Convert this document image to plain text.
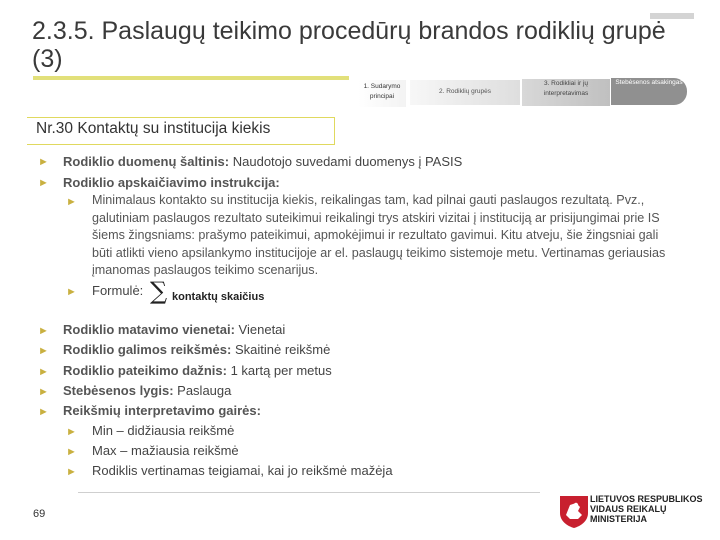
2.3.5. Paslaugų teikimo procedūrų brandos rodiklių grupė (3)
1. Sudarymo principai
2. Rodiklių grupės
3. Rodikliai ir jų interpretavimas
Stebėsenos atsakingas
Nr.30 Kontaktų su institucija kiekis
► Rodiklio duomenų šaltinis: Naudotojo suvedami duomenys į PASIS
► Rodiklio apskaičiavimo instrukcija:
► Minimalaus kontakto su institucija kiekis, reikalingas tam, kad pilnai gauti paslaugos rezultatą. Pvz., galutiniam paslaugos rezultato suteikimui reikalingi trys atskiri vizitai į instituciją ar prisijungimai prie IS šiems žingsniams: prašymo pateikimui, apmokėjimui ir rezultato gavimui. Kitu atveju, šie žingsniai gali būti atlikti vieno apsilankymo institucijoje ar el. paslaugų teikimo sistemoje metu. Vertinamas geriausias įmanomas paslaugos teikimo scenarijus.
► Formulė: ∑ kontaktų skaičius
► Rodiklio matavimo vienetai: Vienetai
► Rodiklio galimos reikšmės: Skaitinė reikšmė
► Rodiklio pateikimo dažnis: 1 kartą per metus
► Stebėsenos lygis: Paslauga
► Reikšmių interpretavimo gairės:
► Min – didžiausia reikšmė
► Max – mažiausia reikšmė
► Rodiklis vertinamas teigiamai, kai jo reikšmė mažėja
69
LIETUVOS RESPUBLIKOS
VIDAUS REIKALŲ
MINISTERIJA
